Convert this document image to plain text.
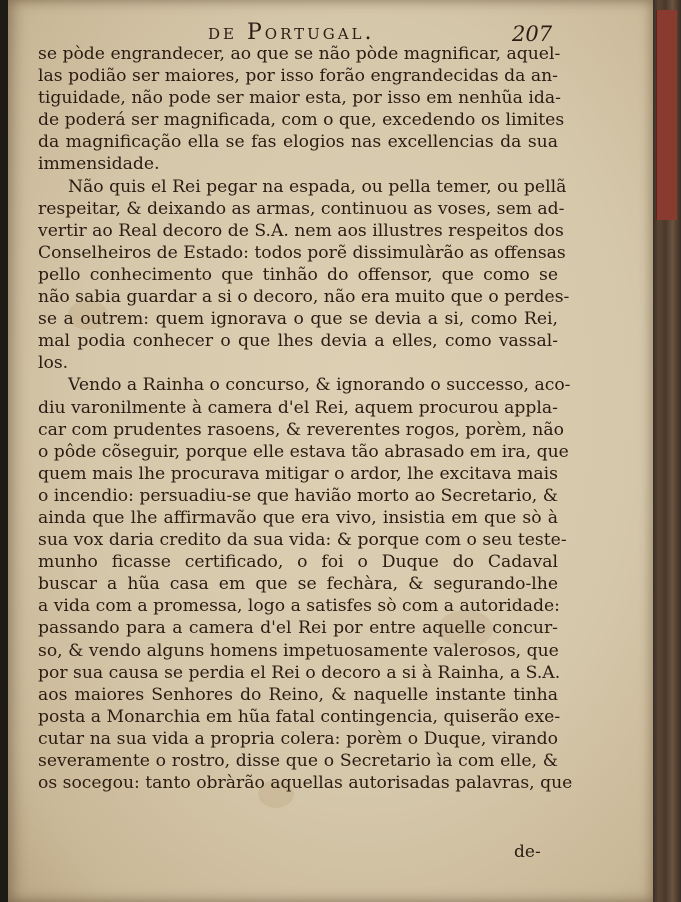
de Portugal.	207
se pòde engrandecer, ao que se não pòde magnificar, aquel-
las podião ser maiores, por isso forão engrandecidas da an-
tiguidade, não pode ser maior esta, por isso em nenhũa ida-
de poderá ser magnificada, com o que, excedendo os limites
da magnificação ella se fas elogios nas excellencias da sua
immensidade.
Não quis el Rei pegar na espada, ou pella temer, ou pellã
respeitar, & deixando as armas, continuou as voses, sem ad-
vertir ao Real decoro de S.A. nem aos illustres respeitos dos
Conselheiros de Estado: todos porẽ dissimulàrão as offensas
pello conhecimento que tinhão do offensor, que como se
não sabia guardar a si o decoro, não era muito que o perdes-
se a outrem: quem ignorava o que se devia a si, como Rei,
mal podia conhecer o que lhes devia a elles, como vassal-
los.
Vendo a Rainha o concurso, & ignorando o successo, aco-
diu varonilmente à camera d'el Rei, aquem procurou appla-
car com prudentes rasoens, & reverentes rogos, porèm, não
o pôde cõseguir, porque elle estava tão abrasado em ira, que
quem mais lhe procurava mitigar o ardor, lhe excitava mais
o incendio: persuadiu-se que havião morto ao Secretario, &
ainda que lhe affirmavão que era vivo, insistia em que sò à
sua vox daria credito da sua vida: & porque com o seu teste-
munho ficasse certificado, o foi o Duque do Cadaval
buscar a hũa casa em que se fechàra, & segurando-lhe
a vida com a promessa, logo a satisfes sò com a autoridade:
passando para a camera d'el Rei por entre aquelle concur-
so, & vendo alguns homens impetuosamente valerosos, que
por sua causa se perdia el Rei o decoro a si à Rainha, a S.A.
aos maiores Senhores do Reino, & naquelle instante tinha
posta a Monarchia em hũa fatal contingencia, quiserão exe-
cutar na sua vida a propria colera: porèm o Duque, virando
severamente o rostro, disse que o Secretario ìa com elle, &
os socegou: tanto obràrão aquellas autorisadas palavras, que
de-
